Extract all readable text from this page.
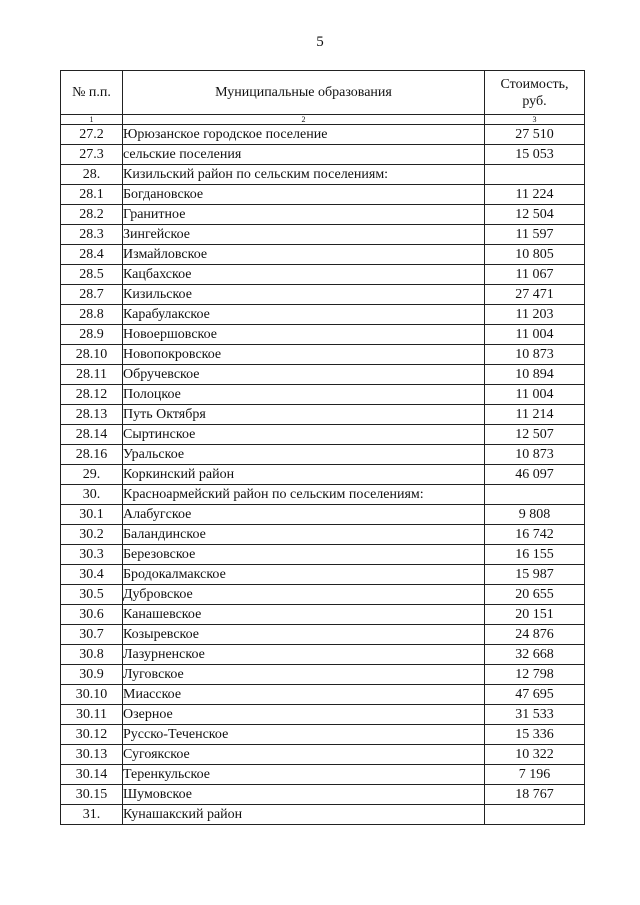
5
№ п.п.	Муниципальные образования	Стоимость,
руб.
1	2	3
27.2	Юрюзанское городское поселение	27 510
27.3	сельские поселения	15 053
28.	Кизильский район по сельским поселениям:	
28.1	Богдановское	11 224
28.2	Гранитное	12 504
28.3	Зингейское	11 597
28.4	Измайловское	10 805
28.5	Кацбахское	11 067
28.7	Кизильское	27 471
28.8	Карабулакское	11 203
28.9	Новоершовское	11 004
28.10	Новопокровское	10 873
28.11	Обручевское	10 894
28.12	Полоцкое	11 004
28.13	Путь Октября	11 214
28.14	Сыртинское	12 507
28.16	Уральское	10 873
29.	Коркинский район	46 097
30.	Красноармейский район по сельским поселениям:	
30.1	Алабугское	9 808
30.2	Баландинское	16 742
30.3	Березовское	16 155
30.4	Бродокалмакское	15 987
30.5	Дубровское	20 655
30.6	Канашевское	20 151
30.7	Козыревское	24 876
30.8	Лазурненское	32 668
30.9	Луговское	12 798
30.10	Миасское	47 695
30.11	Озерное	31 533
30.12	Русско-Теченское	15 336
30.13	Сугоякское	10 322
30.14	Теренкульское	7 196
30.15	Шумовское	18 767
31.	Кунашакский район	
